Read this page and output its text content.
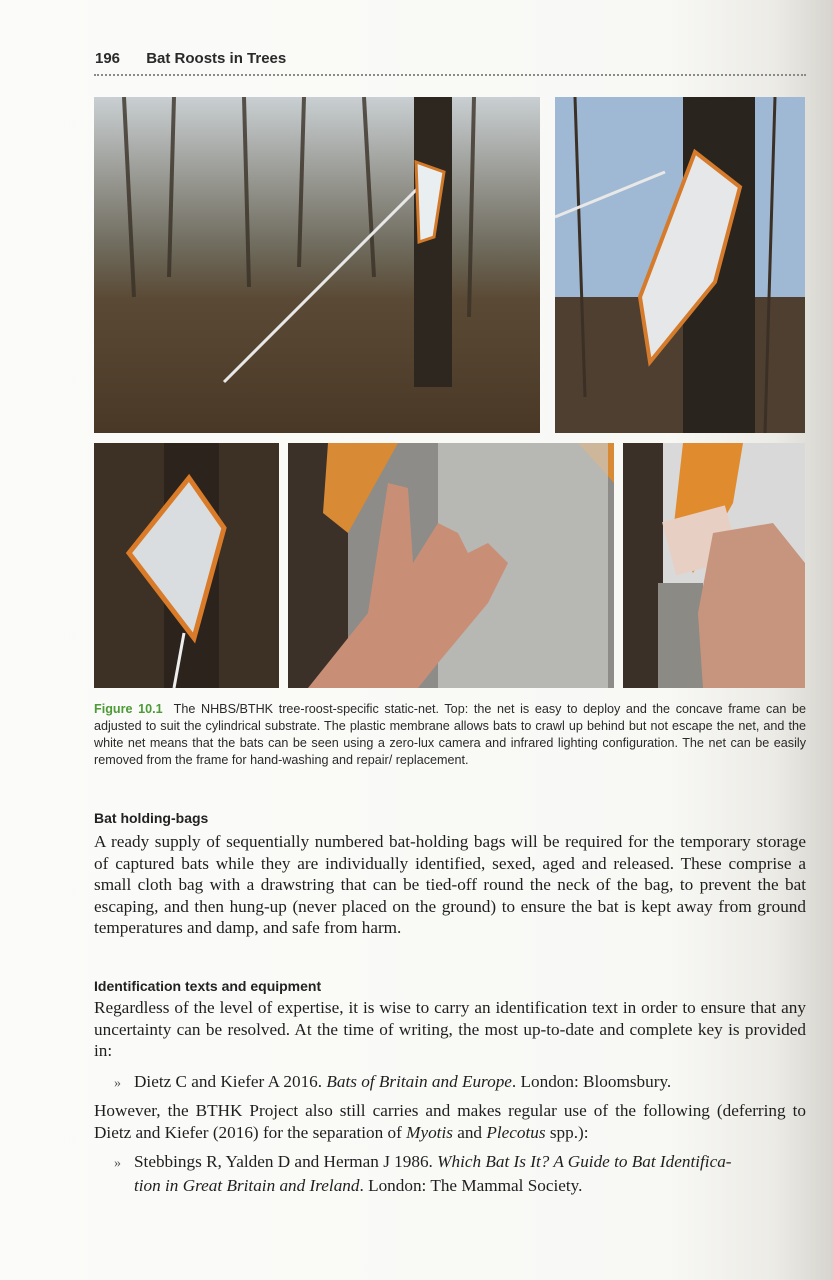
196 Bat Roosts in Trees
Figure 10.1 The NHBS/BTHK tree-roost-specific static-net. Top: the net is easy to deploy and the concave frame can be adjusted to suit the cylindrical substrate. The plastic membrane allows bats to crawl up behind but not escape the net, and the white net means that the bats can be seen using a zero-lux camera and infrared lighting configuration. The net can be easily removed from the frame for hand-washing and repair/ replacement.
Bat holding-bags

A ready supply of sequentially numbered bat-holding bags will be required for the temporary storage of captured bats while they are individually identified, sexed, aged and released. These comprise a small cloth bag with a drawstring that can be tied-off round the neck of the bag, to prevent the bat escaping, and then hung-up (never placed on the ground) to ensure the bat is kept away from ground temperatures and damp, and safe from harm.

Identification texts and equipment

Regardless of the level of expertise, it is wise to carry an identification text in order to ensure that any uncertainty can be resolved. At the time of writing, the most up-to-date and complete key is provided in:

» Dietz C and Kiefer A 2016. Bats of Britain and Europe. London: Bloomsbury.

However, the BTHK Project also still carries and makes regular use of the following (deferring to Dietz and Kiefer (2016) for the separation of Myotis and Plecotus spp.):

» Stebbings R, Yalden D and Herman J 1986. Which Bat Is It? A Guide to Bat Identifica-
tion in Great Britain and Ireland. London: The Mammal Society.
